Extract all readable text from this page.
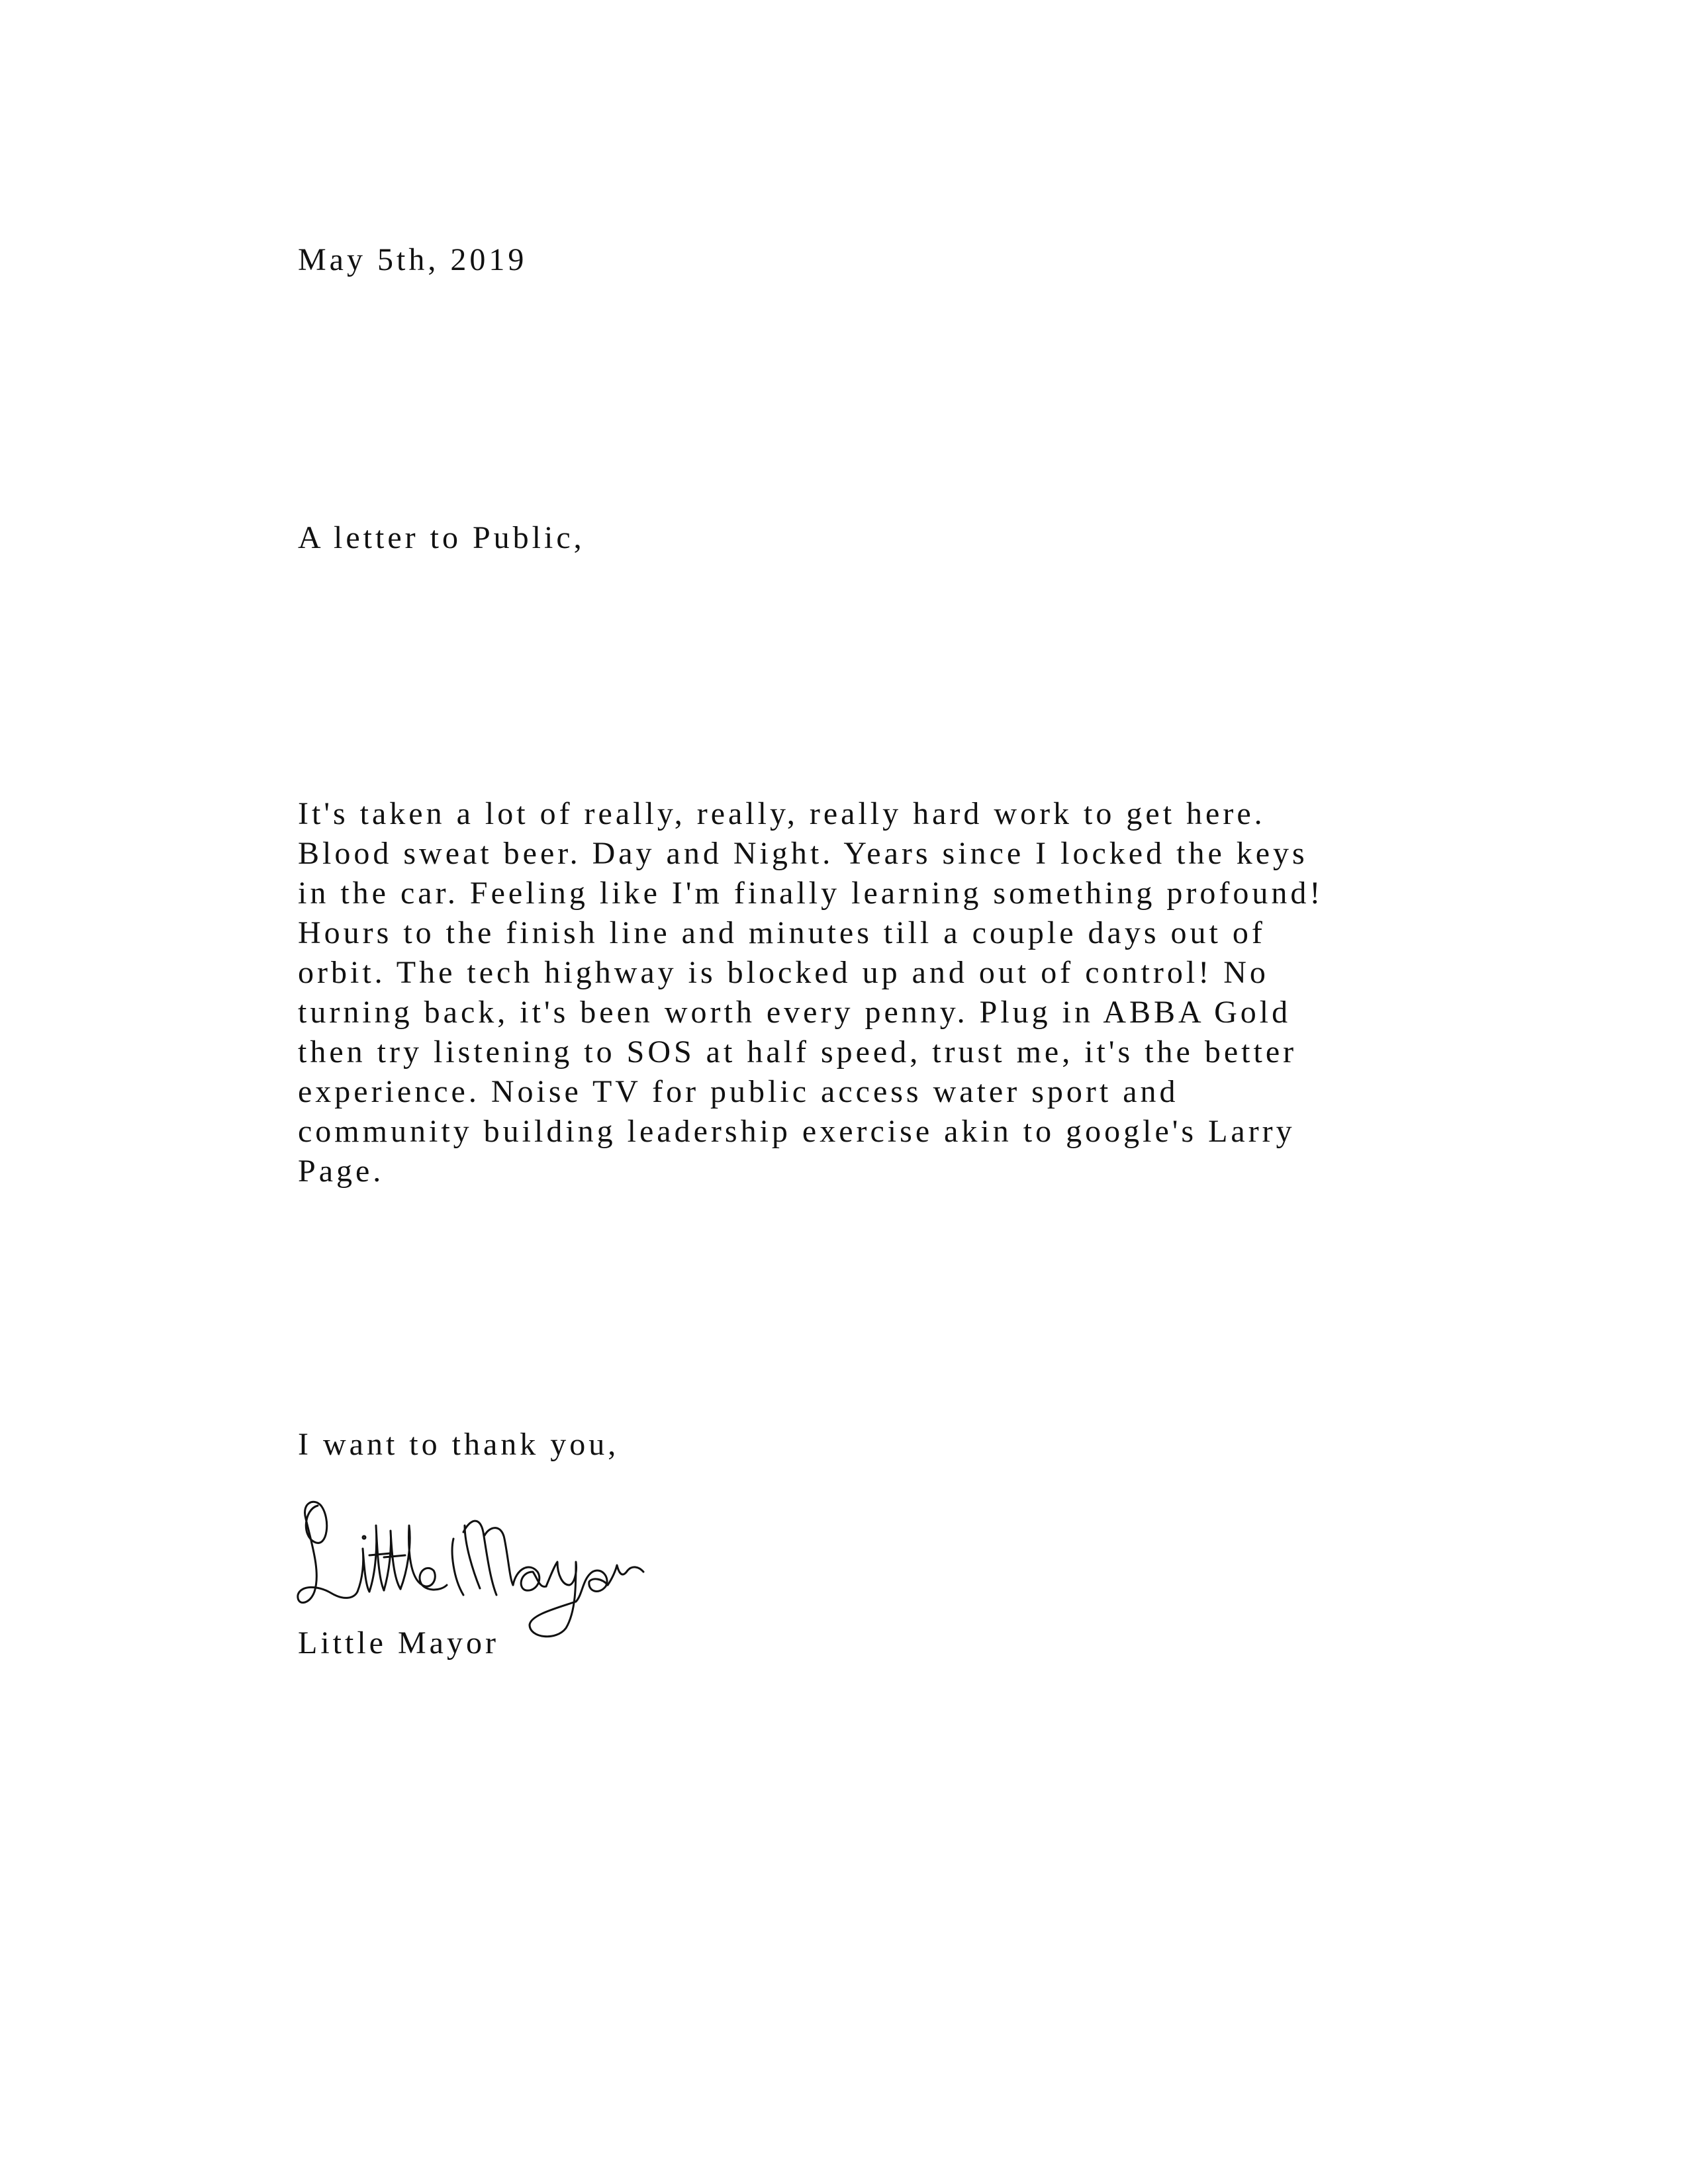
May 5th, 2019

A letter to Public,

It's taken a lot of really, really, really hard work to get here.
Blood sweat beer. Day and Night. Years since I locked the keys
in the car. Feeling like I'm finally learning something profound!
Hours to the finish line and minutes till a couple days out of
orbit. The tech highway is blocked up and out of control! No
turning back, it's been worth every penny. Plug in ABBA Gold
then try listening to SOS at half speed, trust me, it's the better
experience. Noise TV for public access water sport and
community building leadership exercise akin to google's Larry
Page.

I want to thank you,

Little Mayor
